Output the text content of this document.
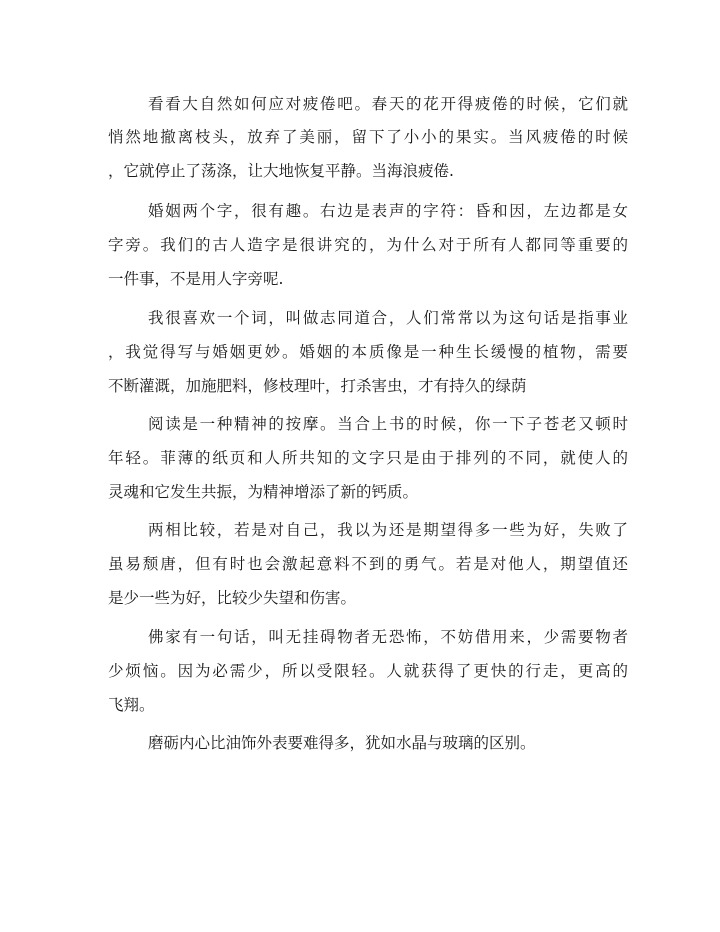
看看大自然如何应对疲倦吧。春天的花开得疲倦的时候，它们就

悄然地撤离枝头，放弃了美丽，留下了小小的果实。当风疲倦的时候

，它就停止了荡涤，让大地恢复平静。当海浪疲倦.

婚姻两个字，很有趣。右边是表声的字符：昏和因，左边都是女

字旁。我们的古人造字是很讲究的，为什么对于所有人都同等重要的

一件事，不是用人字旁呢.

我很喜欢一个词，叫做志同道合，人们常常以为这句话是指事业

，我觉得写与婚姻更妙。婚姻的本质像是一种生长缓慢的植物，需要

不断灌溉，加施肥料，修枝理叶，打杀害虫，才有持久的绿荫

阅读是一种精神的按摩。当合上书的时候，你一下子苍老又顿时

年轻。菲薄的纸页和人所共知的文字只是由于排列的不同，就使人的

灵魂和它发生共振，为精神增添了新的钙质。

两相比较，若是对自己，我以为还是期望得多一些为好，失败了

虽易颓唐，但有时也会激起意料不到的勇气。若是对他人，期望值还

是少一些为好，比较少失望和伤害。

佛家有一句话，叫无挂碍物者无恐怖，不妨借用来，少需要物者

少烦恼。因为必需少，所以受限轻。人就获得了更快的行走，更高的

飞翔。

磨砺内心比油饰外表要难得多，犹如水晶与玻璃的区别。
